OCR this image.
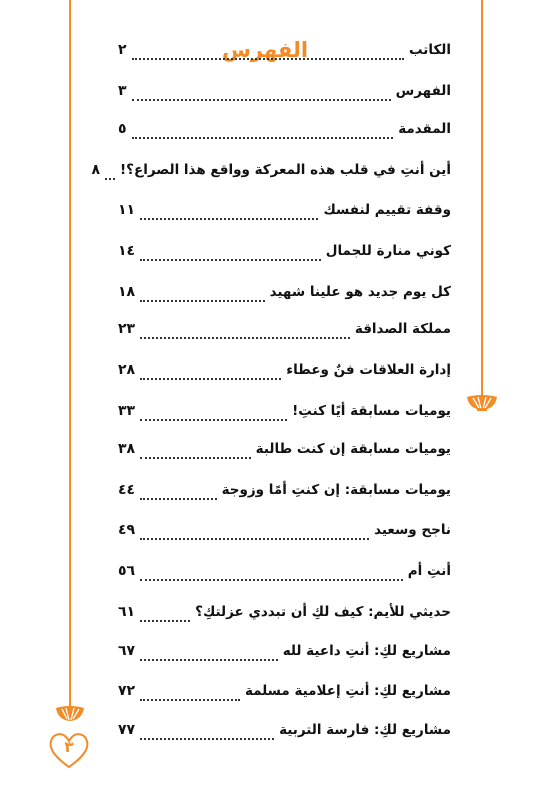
٣
الفهرس	الكاتب
٢
الفهرس
٣
المقدمة
٥
أين أنتِ في قلب هذه المعركة وواقع هذا الصراع؟!
٨
وقفة تقييم لنفسك
١١
كوني منارة للجمال
١٤
كل يوم جديد هو علينا شهيد
١٨
مملكة الصداقة
٢٣
إدارة العلاقات فنٌ وعطاء
٢٨
يوميات مسابقة أيًا كنتِ!
٣٣
يوميات مسابقة إن كنت طالبة
٣٨
يوميات مسابقة: إن كنتِ أمًا وزوجة
٤٤
ناجح وسعيد
٤٩
أنتِ أم
٥٦
حديثي للأيم: كيف لكِ أن تبددي عزلتكِ؟
٦١
مشاريع لكِ: أنتِ داعية لله
٦٧
مشاريع لكِ: أنتِ إعلامية مسلمة
٧٢
مشاريع لكِ: فارسة التربية
٧٧
